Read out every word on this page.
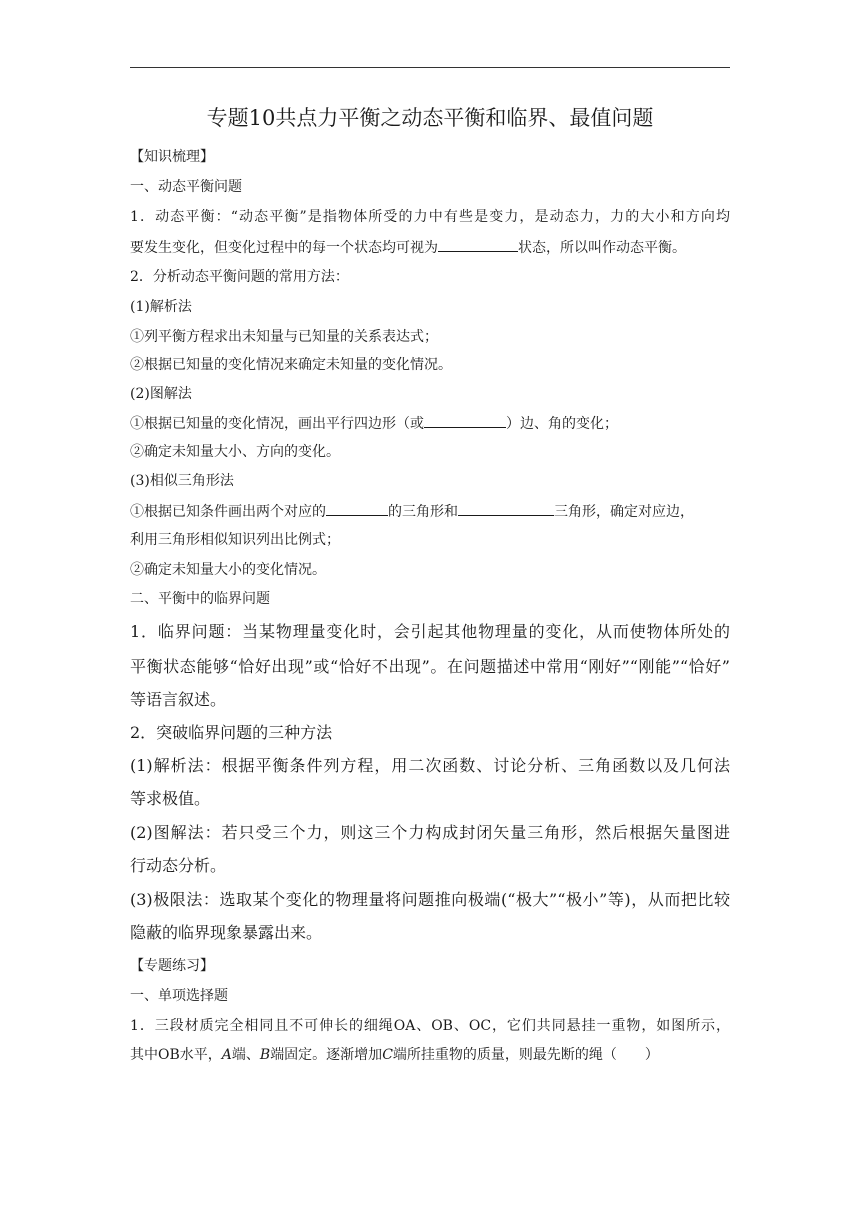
专题10共点力平衡之动态平衡和临界、最值问题
【知识梳理】
一、动态平衡问题
1．动态平衡：“动态平衡”是指物体所受的力中有些是变力，是动态力，力的大小和方向均
要发生变化，但变化过程中的每一个状态均可视为	状态，所以叫作动态平衡。
2．分析动态平衡问题的常用方法：
(1)解析法
①列平衡方程求出未知量与已知量的关系表达式；
②根据已知量的变化情况来确定未知量的变化情况。
(2)图解法
①根据已知量的变化情况，画出平行四边形（或	）边、角的变化；
②确定未知量大小、方向的变化。
(3)相似三角形法
①根据已知条件画出两个对应的	的三角形和	三角形，确定对应边，
利用三角形相似知识列出比例式；
②确定未知量大小的变化情况。
二、平衡中的临界问题
1．临界问题：当某物理量变化时，会引起其他物理量的变化，从而使物体所处的
平衡状态能够“恰好出现”或“恰好不出现”。在问题描述中常用“刚好”“刚能”“恰好”
等语言叙述。
2．突破临界问题的三种方法
(1)解析法：根据平衡条件列方程，用二次函数、讨论分析、三角函数以及几何法
等求极值。
(2)图解法：若只受三个力，则这三个力构成封闭矢量三角形，然后根据矢量图进
行动态分析。
(3)极限法：选取某个变化的物理量将问题推向极端(“极大”“极小”等)，从而把比较
隐蔽的临界现象暴露出来。
【专题练习】
一、单项选择题
1．三段材质完全相同且不可伸长的细绳OA、OB、OC，它们共同悬挂一重物，如图所示，
其中OB水平，A端、B端固定。逐渐增加C端所挂重物的质量，则最先断的绳（　　）
